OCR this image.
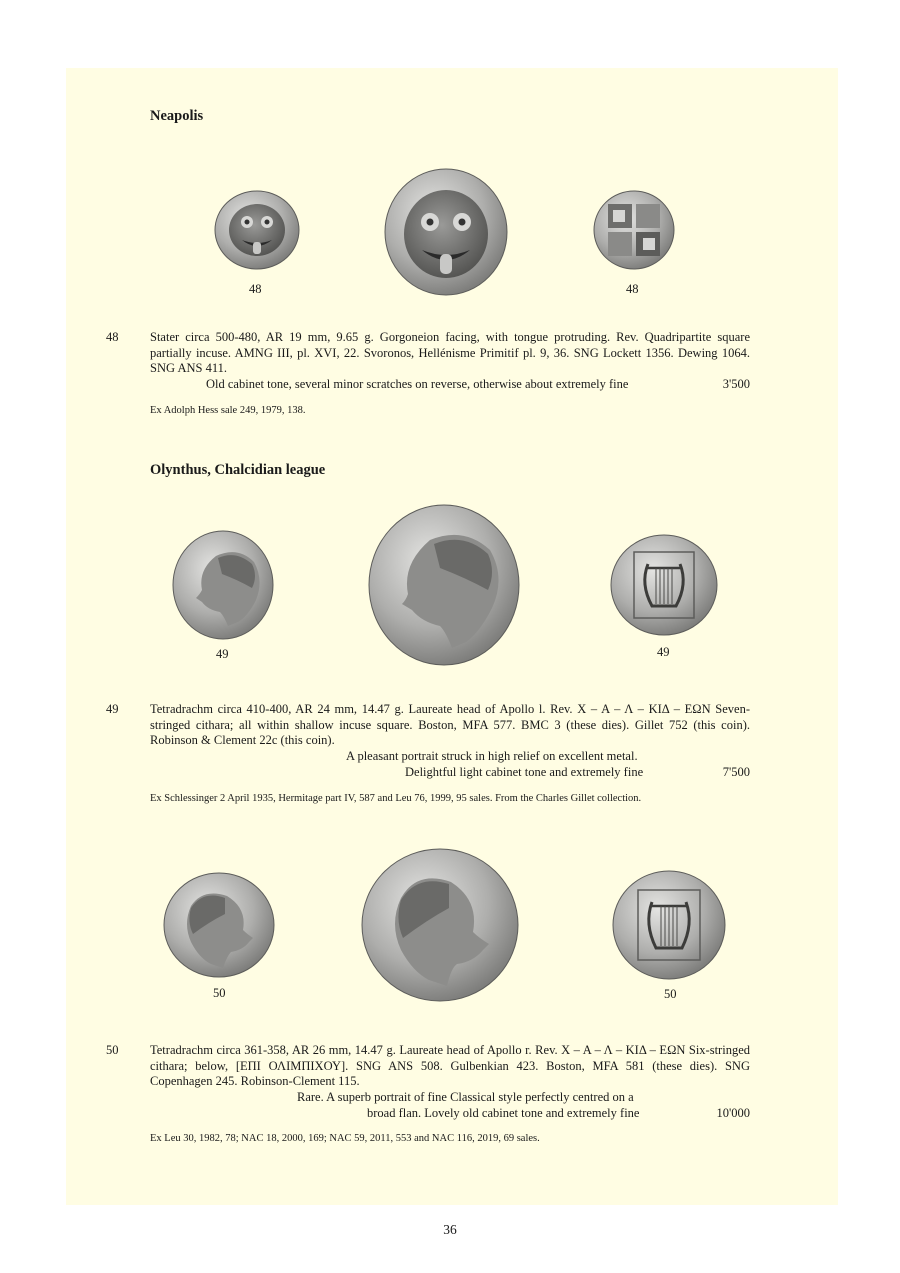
Neapolis
48	48
48	Stater circa 500-480, AR 19 mm, 9.65 g. Gorgoneion facing, with tongue protruding. Rev. Quadripartite square partially incuse. AMNG III, pl. XVI, 22. Svoronos, Hellénisme Primitif pl. 9, 36. SNG Lockett 1356. Dewing 1064. SNG ANS 411.

Old cabinet tone, several minor scratches on reverse, otherwise about extremely fine	3'500
Ex Adolph Hess sale 249, 1979, 138.
Olynthus, Chalcidian league
49	49
49	Tetradrachm circa 410-400, AR 24 mm, 14.47 g. Laureate head of Apollo l. Rev. Χ – Α – Λ – ΚΙΔ – ΕΩΝ Seven-stringed cithara; all within shallow incuse square. Boston, MFA 577. BMC 3 (these dies). Gillet 752 (this coin). Robinson & Clement 22c (this coin).

A pleasant portrait struck in high relief on excellent metal.
Delightful light cabinet tone and extremely fine	7'500
Ex Schlessinger 2 April 1935, Hermitage part IV, 587 and Leu 76, 1999, 95 sales. From the Charles Gillet collection.
50	50
50	Tetradrachm circa 361-358, AR 26 mm, 14.47 g. Laureate head of Apollo r. Rev. Χ – Α – Λ – ΚΙΔ – ΕΩΝ Six-stringed cithara; below, [ΕΠΙ ΟΛΙΜΠΙΧΟΥ]. SNG ANS 508. Gulbenkian 423. Boston, MFA 581 (these dies). SNG Copenhagen 245. Robinson-Clement 115.

Rare. A superb portrait of fine Classical style perfectly centred on a
broad flan. Lovely old cabinet tone and extremely fine	10'000
Ex Leu 30, 1982, 78; NAC 18, 2000, 169; NAC 59, 2011, 553 and NAC 116, 2019, 69 sales.
36
